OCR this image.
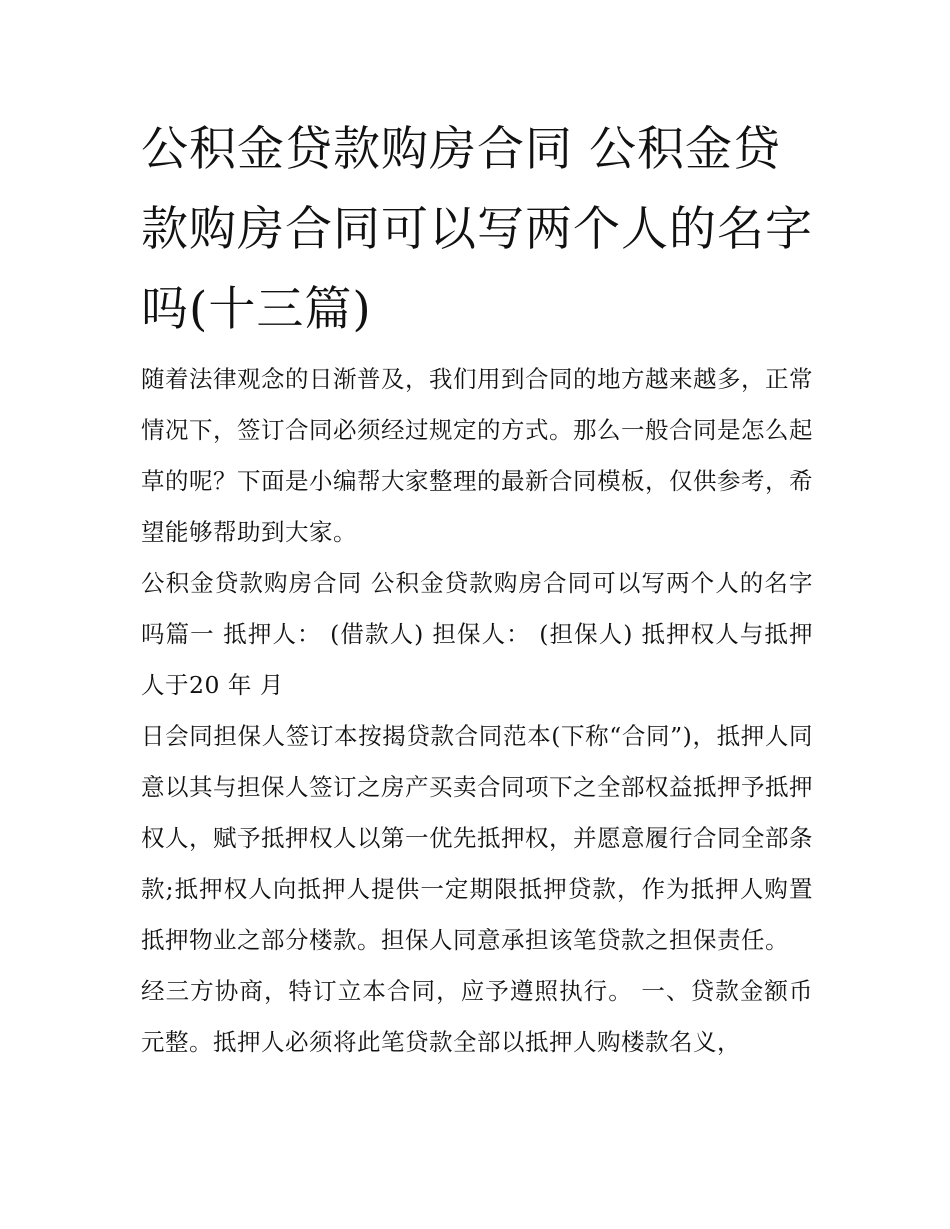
公积金贷款购房合同 公积金贷款购房合同可以写两个人的名字吗(十三篇)

随着法律观念的日渐普及，我们用到合同的地方越来越多，正常情况下，签订合同必须经过规定的方式。那么一般合同是怎么起草的呢？下面是小编帮大家整理的最新合同模板，仅供参考，希望能够帮助到大家。

公积金贷款购房合同 公积金贷款购房合同可以写两个人的名字吗篇一 抵押人： (借款人) 担保人： (担保人) 抵押权人与抵押人于20 年 月

日会同担保人签订本按揭贷款合同范本(下称“合同”)，抵押人同意以其与担保人签订之房产买卖合同项下之全部权益抵押予抵押权人，赋予抵押权人以第一优先抵押权，并愿意履行合同全部条款;抵押权人向抵押人提供一定期限抵押贷款，作为抵押人购置抵押物业之部分楼款。担保人同意承担该笔贷款之担保责任。

经三方协商，特订立本合同，应予遵照执行。 一、贷款金额币 元整。抵押人必须将此笔贷款全部以抵押人购楼款名义，
